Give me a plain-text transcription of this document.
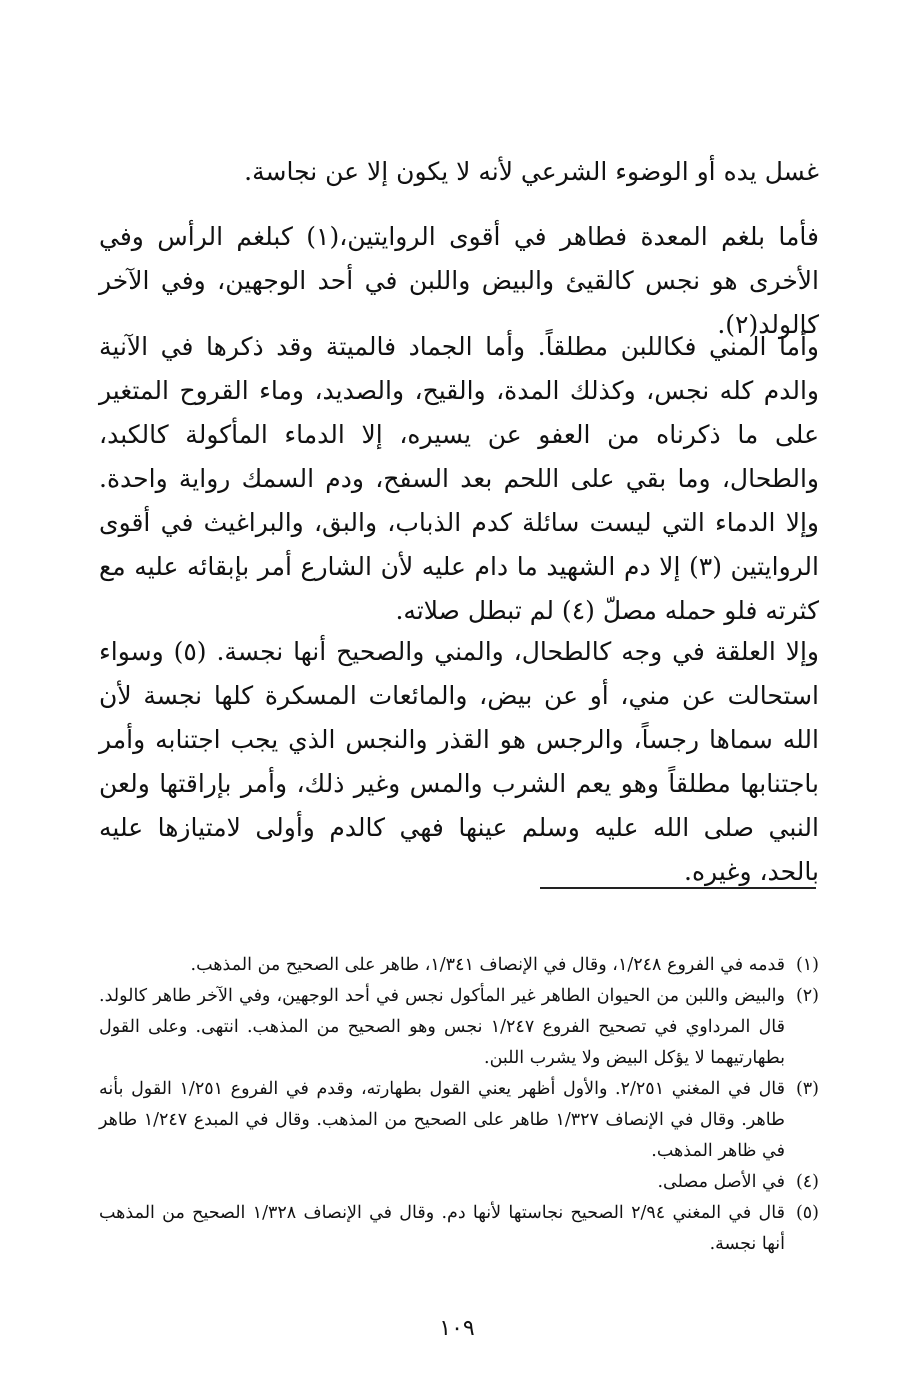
غسل يده أو الوضوء الشرعي لأنه لا يكون إلا عن نجاسة.

فأما بلغم المعدة فطاهر في أقوى الروايتين،(١) كبلغم الرأس وفي الأخرى هو نجس كالقيئ والبيض واللبن في أحد الوجهين، وفي الآخر كالولد(٢).

وأما المني فكاللبن مطلقاً. وأما الجماد فالميتة وقد ذكرها في الآنية والدم كله نجس، وكذلك المدة، والقيح، والصديد، وماء القروح المتغير على ما ذكرناه من العفو عن يسيره، إلا الدماء المأكولة كالكبد، والطحال، وما بقي على اللحم بعد السفح، ودم السمك رواية واحدة. وإلا الدماء التي ليست سائلة كدم الذباب، والبق، والبراغيث في أقوى الروايتين (٣) إلا دم الشهيد ما دام عليه لأن الشارع أمر بإبقائه عليه مع كثرته فلو حمله مصلّ (٤) لم تبطل صلاته.

وإلا العلقة في وجه كالطحال، والمني والصحيح أنها نجسة. (٥) وسواء استحالت عن مني، أو عن بيض، والمائعات المسكرة كلها نجسة لأن الله سماها رجساً، والرجس هو القذر والنجس الذي يجب اجتنابه وأمر باجتنابها مطلقاً وهو يعم الشرب والمس وغير ذلك، وأمر بإراقتها ولعن النبي صلى الله عليه وسلم عينها فهي كالدم وأولى لامتيازها عليه بالحد، وغيره.

(١)
قدمه في الفروع ١/٢٤٨، وقال في الإنصاف ١/٣٤١، طاهر على الصحيح من المذهب.
(٢)
والبيض واللبن من الحيوان الطاهر غير المأكول نجس في أحد الوجهين، وفي الآخر طاهر كالولد. قال المرداوي في تصحيح الفروع ١/٢٤٧ نجس وهو الصحيح من المذهب. انتهى. وعلى القول بطهارتيهما لا يؤكل البيض ولا يشرب اللبن.
(٣)
قال في المغني ٢/٢٥١. والأول أظهر يعني القول بطهارته، وقدم في الفروع ١/٢٥١ القول بأنه طاهر. وقال في الإنصاف ١/٣٢٧ طاهر على الصحيح من المذهب. وقال في المبدع ١/٢٤٧ طاهر في ظاهر المذهب.
(٤)
في الأصل مصلى.
(٥)
قال في المغني ٢/٩٤ الصحيح نجاستها لأنها دم. وقال في الإنصاف ١/٣٢٨ الصحيح من المذهب أنها نجسة.
١٠٩
